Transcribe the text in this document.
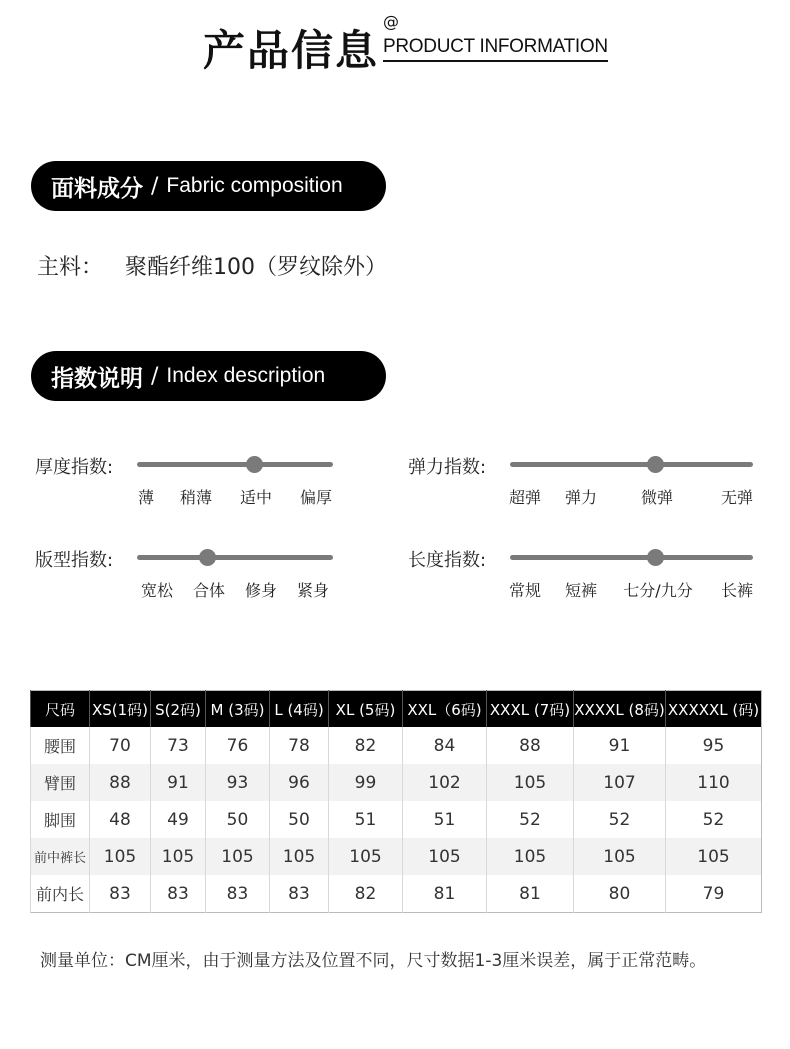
产品信息
@
PRODUCT INFORMATION
面料成分 / Fabric composition
主料： 聚酯纤维100（罗纹除外）
指数说明 / Index description
厚度指数:
薄 稍薄 适中 偏厚
弹力指数:
超弹 弹力	微弹	无弹
版型指数:
宽松 合体 修身 紧身
长度指数:
常规 短裤 七分/九分 长裤
尺码	XS(1码)	S(2码)	M (3码)	L (4码)	XL (5码)	XXL（6码)	XXXL (7码)	XXXXL (8码)	XXXXXL (码)
腰围	70	73	76	78	82	84	88	91	95
臂围	88	91	93	96	99	102	105	107	110
脚围	48	49	50	50	51	51	52	52	52
前中裤长	105	105	105	105	105	105	105	105	105
前内长	83	83	83	83	82	81	81	80	79
测量单位：CM厘米，由于测量方法及位置不同，尺寸数据1-3厘米误差，属于正常范畴。
